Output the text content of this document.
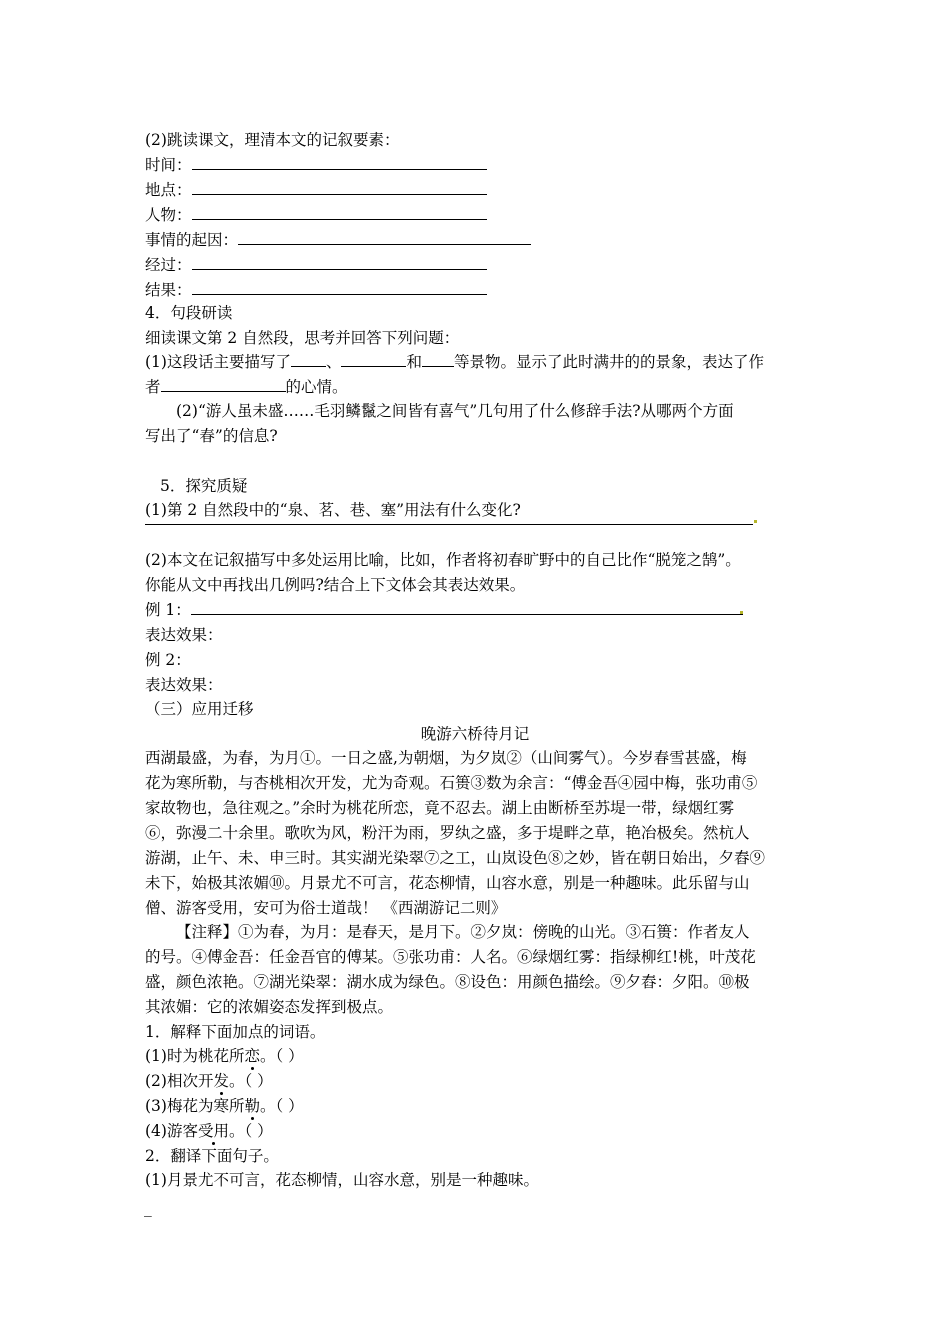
(2)跳读课文，理清本文的记叙要素：
时间：
地点：
人物：
事情的起因：
经过：
结果：
4．句段研读
细读课文第 2 自然段，思考并回答下列问题：
(1)这段话主要描写了 、	和 等景物。显示了此时满井的的景象，表达了作
者	的心情。
(2)“游人虽未盛……毛羽鳞鬣之间皆有喜气”几句用了什么修辞手法?从哪两个方面
写出了“春”的信息?
5．探究质疑
(1)第 2 自然段中的“泉、茗、巷、塞”用法有什么变化?
(2)本文在记叙描写中多处运用比喻，比如，作者将初春旷野中的自己比作“脱笼之鹄”。
你能从文中再找出几例吗?结合上下文体会其表达效果。
例 1：
表达效果：
例 2：
表达效果：
（三）应用迁移
晚游六桥待月记
西湖最盛，为春，为月①。一日之盛,为朝烟，为夕岚②（山间雾气）。今岁春雪甚盛，梅
花为寒所勒，与杏桃相次开发，尤为奇观。石篑③数为余言：“傅金吾④园中梅，张功甫⑤
家故物也，急往观之。”余时为桃花所恋，竟不忍去。湖上由断桥至苏堤一带，绿烟红雾
⑥，弥漫二十余里。歌吹为风，粉汗为雨，罗纨之盛，多于堤畔之草，艳冶极矣。然杭人
游湖，止午、未、申三时。其实湖光染翠⑦之工，山岚设色⑧之妙，皆在朝日始出，夕舂⑨
未下，始极其浓媚⑩。月景尤不可言，花态柳情，山容水意，别是一种趣味。此乐留与山
僧、游客受用，安可为俗士道哉！ 《西湖游记二则》
【注释】①为春，为月：是春天，是月下。②夕岚：傍晚的山光。③石篑：作者友人
的号。④傅金吾：任金吾官的傅某。⑤张功甫：人名。⑥绿烟红雾：指绿柳红!桃，叶茂花
盛，颜色浓艳。⑦湖光染翠：湖水成为绿色。⑧设色：用颜色描绘。⑨夕舂：夕阳。⑩极
其浓媚：它的浓媚姿态发挥到极点。
1．解释下面加点的词语。
(1)时为桃花所恋。（ ）
(2)相次开发。（ ）
(3)梅花为寒所勒。（ ）
(4)游客受用。（ ）
2．翻译下面句子。
(1)月景尤不可言，花态柳情，山容水意，别是一种趣味。
_
